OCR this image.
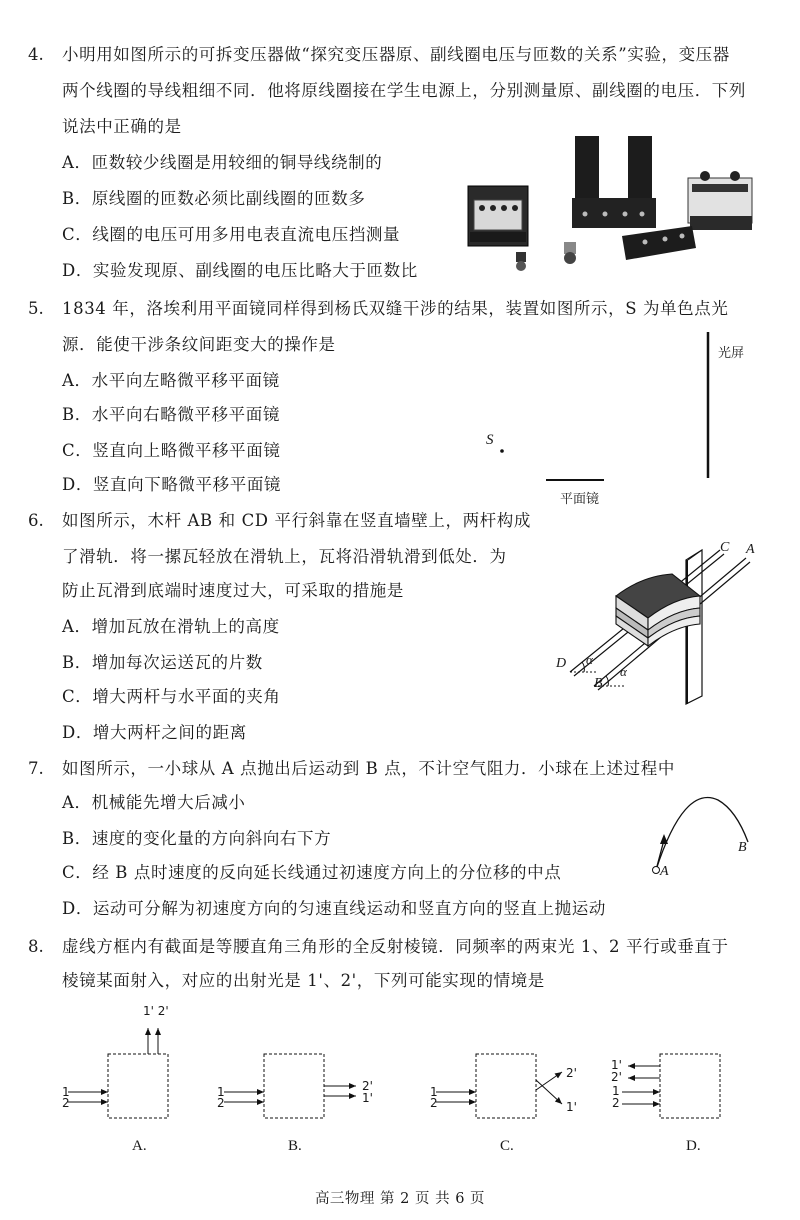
4. 小明用如图所示的可拆变压器做“探究变压器原、副线圈电压与匝数的关系”实验，变压器
两个线圈的导线粗细不同．他将原线圈接在学生电源上，分别测量原、副线圈的电压．下列
说法中正确的是
A．匝数较少线圈是用较细的铜导线绕制的
B．原线圈的匝数必须比副线圈的匝数多
C．线圈的电压可用多用电表直流电压挡测量
D．实验发现原、副线圈的电压比略大于匝数比
5. 1834 年，洛埃利用平面镜同样得到杨氏双缝干涉的结果，装置如图所示，S 为单色点光
源．能使干涉条纹间距变大的操作是
A．水平向左略微平移平面镜
B．水平向右略微平移平面镜
C．竖直向上略微平移平面镜
D．竖直向下略微平移平面镜
光屏
S
平面镜
6. 如图所示，木杆 AB 和 CD 平行斜靠在竖直墙壁上，两杆构成
了滑轨．将一摞瓦轻放在滑轨上，瓦将沿滑轨滑到低处．为
防止瓦滑到底端时速度过大，可采取的措施是
A．增加瓦放在滑轨上的高度
B．增加每次运送瓦的片数
C．增大两杆与水平面的夹角
D．增大两杆之间的距离
C A
D
B
α
α
7. 如图所示，一小球从 A 点抛出后运动到 B 点，不计空气阻力．小球在上述过程中
A．机械能先增大后减小
B．速度的变化量的方向斜向右下方
C．经 B 点时速度的反向延长线通过初速度方向上的分位移的中点
D．运动可分解为初速度方向的匀速直线运动和竖直方向的竖直上抛运动
A
B
8. 虚线方框内有截面是等腰直角三角形的全反射棱镜．同频率的两束光 1、2 平行或垂直于
棱镜某面射入，对应的出射光是 1'、2'，下列可能实现的情境是
1' 2'
1
2
1
2
2'
1'	1
2
2'
1'
1'
2'
1
2
A.	B.	C.	D.
高三物理 第 2 页 共 6 页
